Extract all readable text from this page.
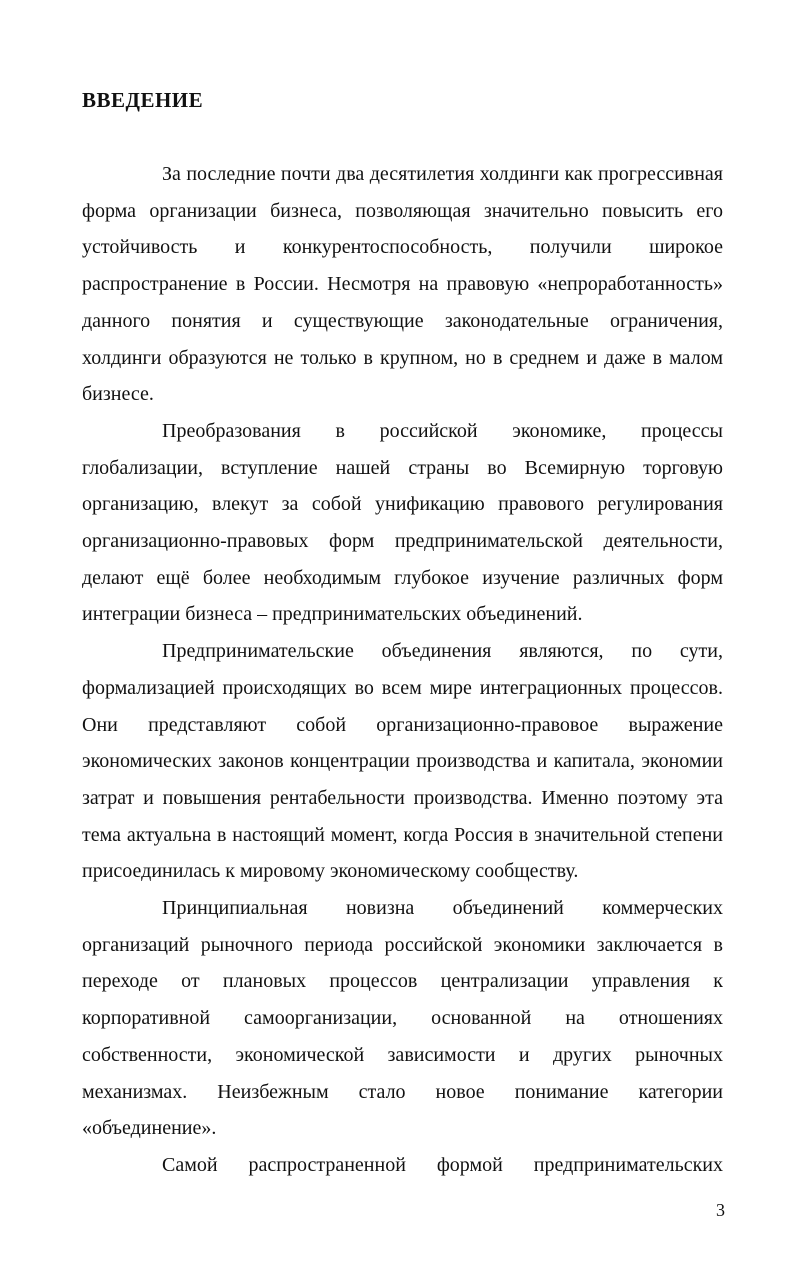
ВВЕДЕНИЕ

За последние почти два десятилетия холдинги как прогрессивная форма организации бизнеса, позволяющая значительно повысить его устойчивость и конкурентоспособность, получили широкое распространение в России. Несмотря на правовую «непроработанность» данного понятия и существующие законодательные ограничения, холдинги образуются не только в крупном, но в среднем и даже в малом бизнесе.

Преобразования в российской экономике, процессы глобализации, вступление нашей страны во Всемирную торговую организацию, влекут за собой унификацию правового регулирования организационно-правовых форм предпринимательской деятельности, делают ещё более необходимым глубокое изучение различных форм интеграции бизнеса – предпринимательских объединений.

Предпринимательские объединения являются, по сути, формализацией происходящих во всем мире интеграционных процессов. Они представляют собой организационно-правовое выражение экономических законов концентрации производства и капитала, экономии затрат и повышения рентабельности производства. Именно поэтому эта тема актуальна в настоящий момент, когда Россия в значительной степени присоединилась к мировому экономическому сообществу.

Принципиальная новизна объединений коммерческих организаций рыночного периода российской экономики заключается в переходе от плановых процессов централизации управления к корпоративной самоорганизации, основанной на отношениях собственности, экономической зависимости и других рыночных механизмах. Неизбежным стало новое понимание категории «объединение».

Самой распространенной формой предпринимательских

3
